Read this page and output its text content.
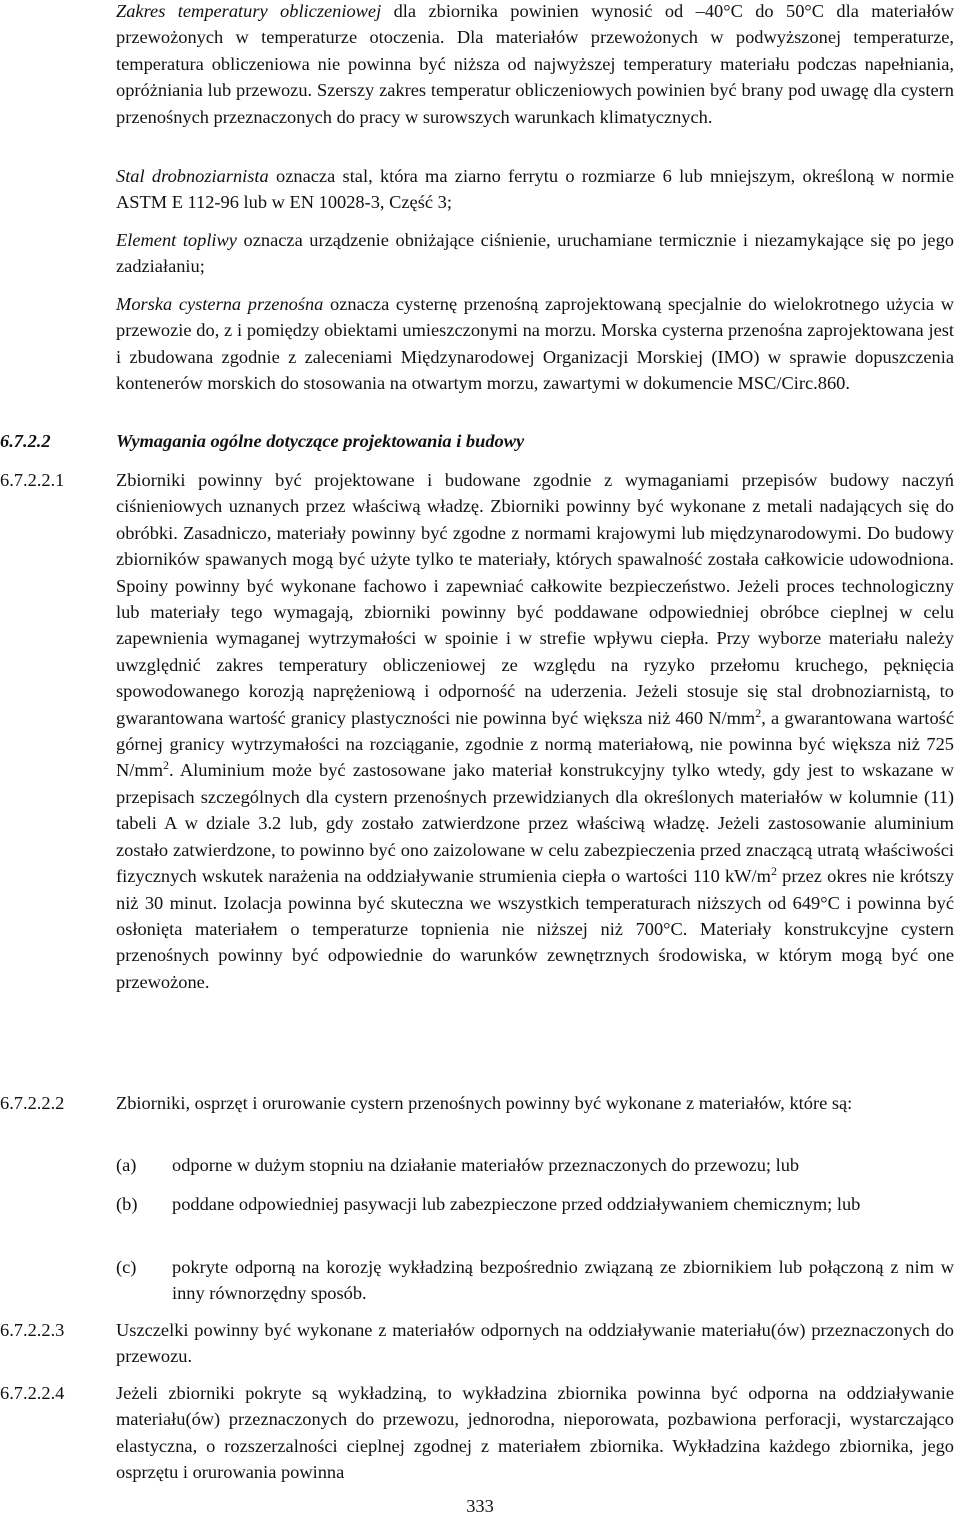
Zakres temperatury obliczeniowej dla zbiornika powinien wynosić od –40°C do 50°C dla materiałów przewożonych w temperaturze otoczenia. Dla materiałów przewożonych w podwyższonej temperaturze, temperatura obliczeniowa nie powinna być niższa od najwyższej temperatury materiału podczas napełniania, opróżniania lub przewozu. Szerszy zakres temperatur obliczeniowych powinien być brany pod uwagę dla cystern przenośnych przeznaczonych do pracy w surowszych warunkach klimatycznych.

Stal drobnoziarnista oznacza stal, która ma ziarno ferrytu o rozmiarze 6 lub mniejszym, określoną w normie ASTM E 112-96 lub w EN 10028-3, Część 3;

Element topliwy oznacza urządzenie obniżające ciśnienie, uruchamiane termicznie i niezamykające się po jego zadziałaniu;

Morska cysterna przenośna oznacza cysternę przenośną zaprojektowaną specjalnie do wielokrotnego użycia w przewozie do, z i pomiędzy obiektami umieszczonymi na morzu. Morska cysterna przenośna zaprojektowana jest i zbudowana zgodnie z zaleceniami Międzynarodowej Organizacji Morskiej (IMO) w sprawie dopuszczenia kontenerów morskich do stosowania na otwartym morzu, zawartymi w dokumencie MSC/Circ.860.

6.7.2.2	Wymagania ogólne dotyczące projektowania i budowy
6.7.2.2.1	Zbiorniki powinny być projektowane i budowane zgodnie z wymaganiami przepisów budowy naczyń ciśnieniowych uznanych przez właściwą władzę. Zbiorniki powinny być wykonane z metali nadających się do obróbki. Zasadniczo, materiały powinny być zgodne z normami krajowymi lub międzynarodowymi. Do budowy zbiorników spawanych mogą być użyte tylko te materiały, których spawalność została całkowicie udowodniona. Spoiny powinny być wykonane fachowo i zapewniać całkowite bezpieczeństwo. Jeżeli proces technologiczny lub materiały tego wymagają, zbiorniki powinny być poddawane odpowiedniej obróbce cieplnej w celu zapewnienia wymaganej wytrzymałości w spoinie i w strefie wpływu ciepła. Przy wyborze materiału należy uwzględnić zakres temperatury obliczeniowej ze względu na ryzyko przełomu kruchego, pęknięcia spowodowanego korozją naprężeniową i odporność na uderzenia. Jeżeli stosuje się stal drobnoziarnistą, to gwarantowana wartość granicy plastyczności nie powinna być większa niż 460 $N/mm^2$, a gwarantowana wartość górnej granicy wytrzymałości na rozciąganie, zgodnie z normą materiałową, nie powinna być większa niż 725 $N/mm^2$. Aluminium może być zastosowane jako materiał konstrukcyjny tylko wtedy, gdy jest to wskazane w przepisach szczególnych dla cystern przenośnych przewidzianych dla określonych materiałów w kolumnie (11) tabeli A w dziale 3.2 lub, gdy zostało zatwierdzone przez właściwą władzę. Jeżeli zastosowanie aluminium zostało zatwierdzone, to powinno być ono zaizolowane w celu zabezpieczenia przed znaczącą utratą właściwości fizycznych wskutek narażenia na oddziaływanie strumienia ciepła o wartości 110 $kW/m^2$ przez okres nie krótszy niż 30 minut. Izolacja powinna być skuteczna we wszystkich temperaturach niższych od 649°C i powinna być osłonięta materiałem o temperaturze topnienia nie niższej niż 700°C. Materiały konstrukcyjne cystern przenośnych powinny być odpowiednie do warunków zewnętrznych środowiska, w którym mogą być one przewożone.

6.7.2.2.2	Zbiorniki, osprzęt i orurowanie cystern przenośnych powinny być wykonane z materiałów, które są:

(a) odporne w dużym stopniu na działanie materiałów przeznaczonych do przewozu; lub

(b) poddane odpowiedniej pasywacji lub zabezpieczone przed oddziaływaniem chemicznym; lub

(c) pokryte odporną na korozję wykładziną bezpośrednio związaną ze zbiornikiem lub połączoną z nim w inny równorzędny sposób.

6.7.2.2.3	Uszczelki powinny być wykonane z materiałów odpornych na oddziaływanie materiału(ów) przeznaczonych do przewozu.

6.7.2.2.4	Jeżeli zbiorniki pokryte są wykładziną, to wykładzina zbiornika powinna być odporna na oddziaływanie materiału(ów) przeznaczonych do przewozu, jednorodna, nieporowata, pozbawiona perforacji, wystarczająco elastyczna, o rozszerzalności cieplnej zgodnej z materiałem zbiornika. Wykładzina każdego zbiornika, jego osprzętu i orurowania powinna

333
